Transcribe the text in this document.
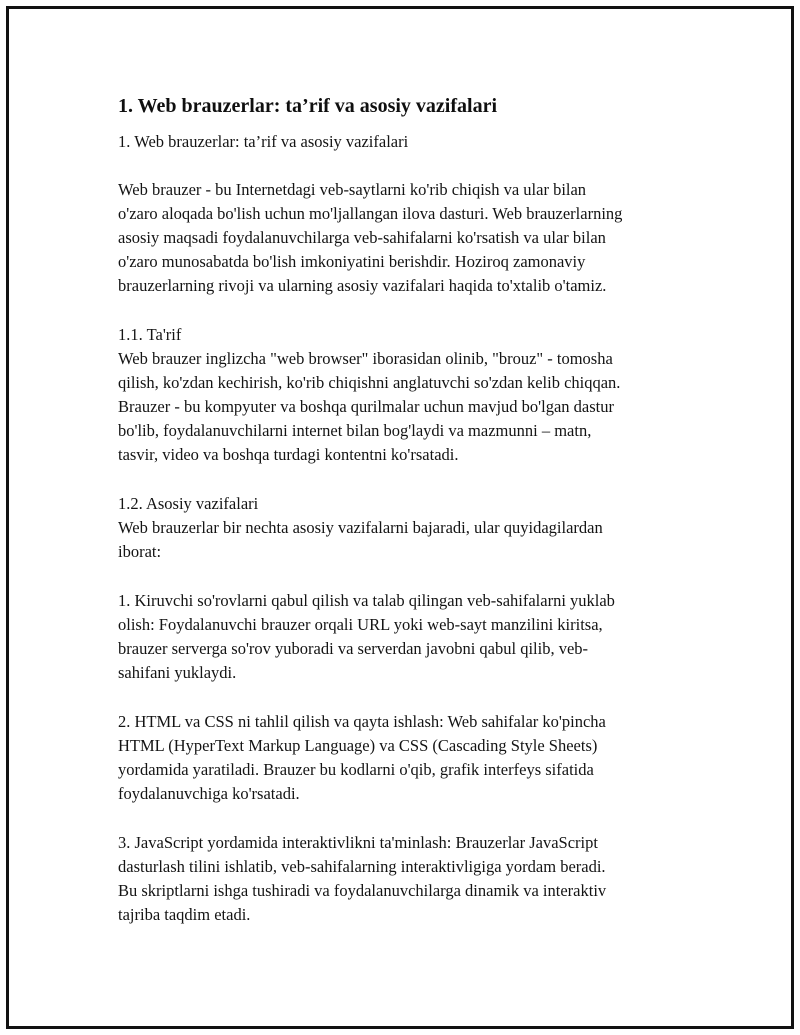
1. Web brauzerlar: ta’rif va asosiy vazifalari

1. Web brauzerlar: ta’rif va asosiy vazifalari

Web brauzer - bu Internetdagi veb-saytlarni ko'rib chiqish va ular bilan
o'zaro aloqada bo'lish uchun mo'ljallangan ilova dasturi. Web brauzerlarning
asosiy maqsadi foydalanuvchilarga veb-sahifalarni ko'rsatish va ular bilan
o'zaro munosabatda bo'lish imkoniyatini berishdir. Hoziroq zamonaviy
brauzerlarning rivoji va ularning asosiy vazifalari haqida to'xtalib o'tamiz.

1.1. Ta'rif
Web brauzer inglizcha "web browser" iborasidan olinib, "brouz" - tomosha
qilish, ko'zdan kechirish, ko'rib chiqishni anglatuvchi so'zdan kelib chiqqan.
Brauzer - bu kompyuter va boshqa qurilmalar uchun mavjud bo'lgan dastur
bo'lib, foydalanuvchilarni internet bilan bog'laydi va mazmunni – matn,
tasvir, video va boshqa turdagi kontentni ko'rsatadi.

1.2. Asosiy vazifalari
Web brauzerlar bir nechta asosiy vazifalarni bajaradi, ular quyidagilardan
iborat:

1. Kiruvchi so'rovlarni qabul qilish va talab qilingan veb-sahifalarni yuklab
olish: Foydalanuvchi brauzer orqali URL yoki web-sayt manzilini kiritsa,
brauzer serverga so'rov yuboradi va serverdan javobni qabul qilib, veb-
sahifani yuklaydi.

2. HTML va CSS ni tahlil qilish va qayta ishlash: Web sahifalar ko'pincha
HTML (HyperText Markup Language) va CSS (Cascading Style Sheets)
yordamida yaratiladi. Brauzer bu kodlarni o'qib, grafik interfeys sifatida
foydalanuvchiga ko'rsatadi.

3. JavaScript yordamida interaktivlikni ta'minlash: Brauzerlar JavaScript
dasturlash tilini ishlatib, veb-sahifalarning interaktivligiga yordam beradi.
Bu skriptlarni ishga tushiradi va foydalanuvchilarga dinamik va interaktiv
tajriba taqdim etadi.
